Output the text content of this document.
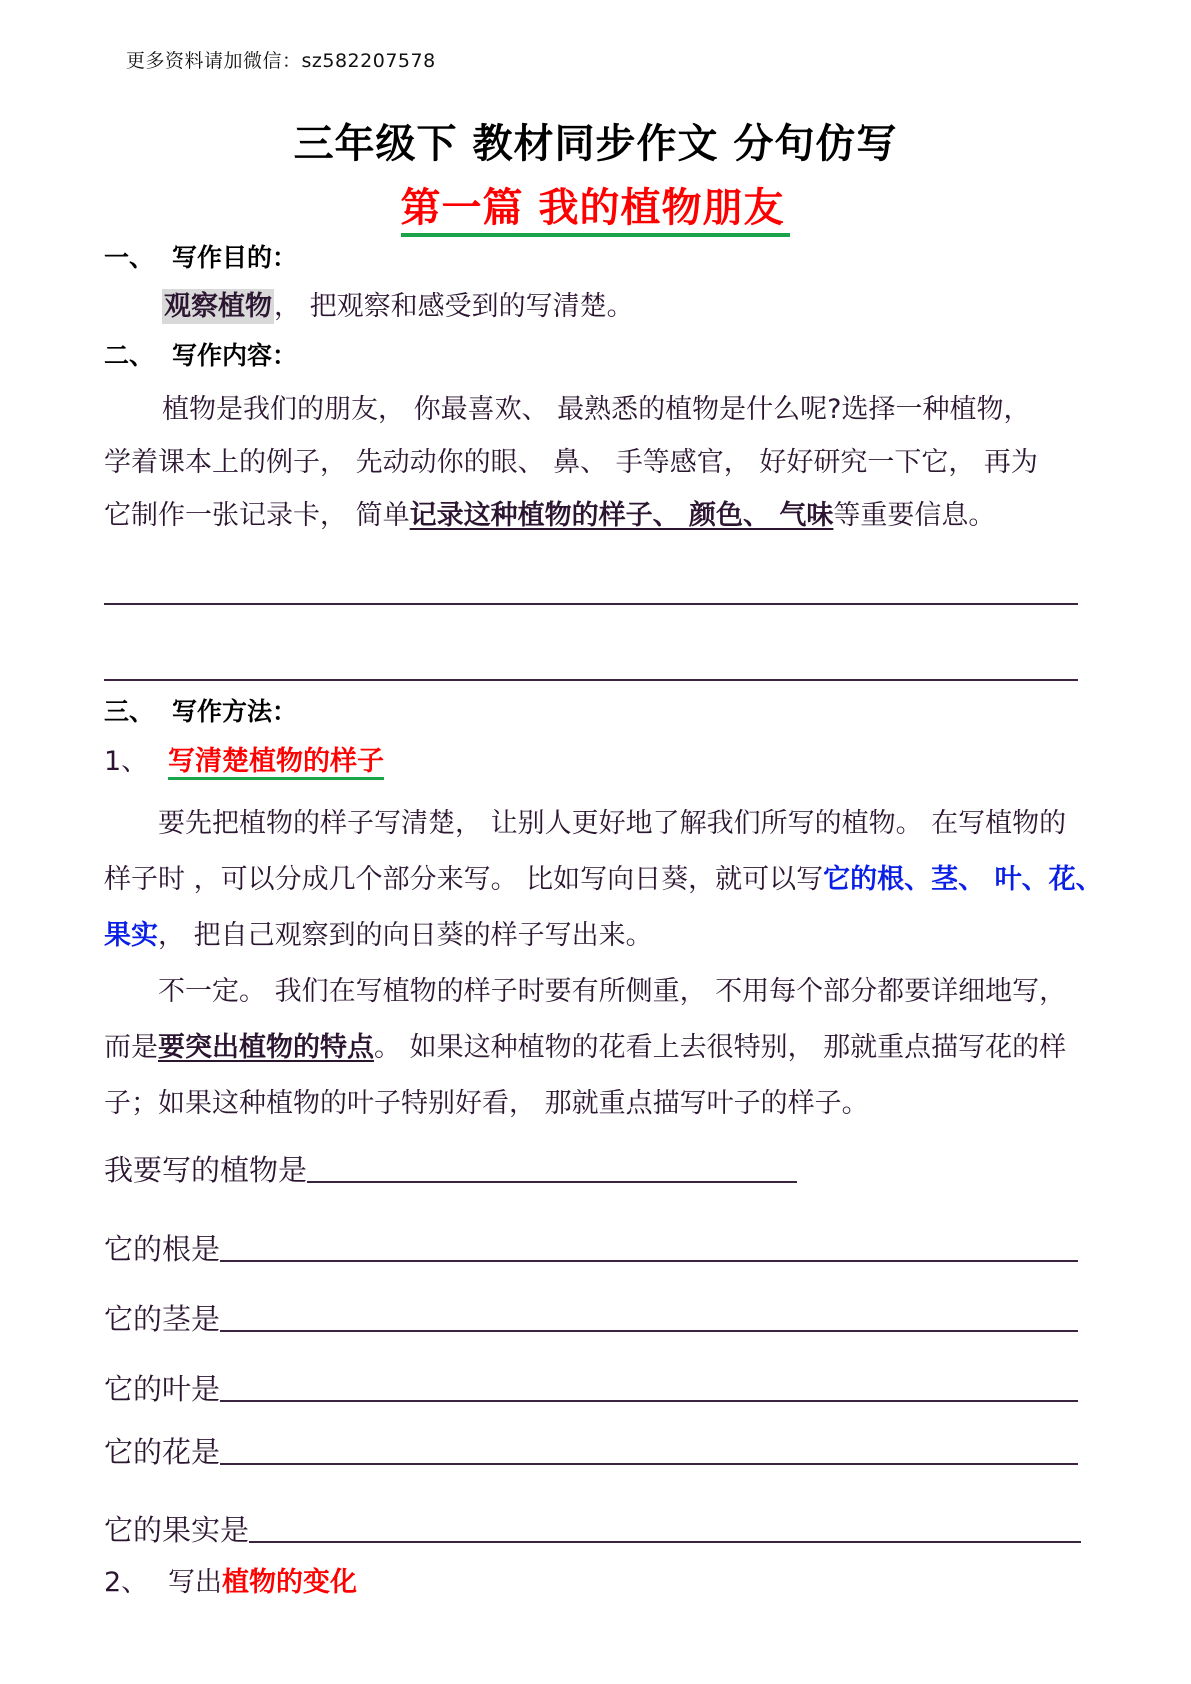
更多资料请加微信：sz582207578
三年级下 教材同步作文 分句仿写
第一篇 我的植物朋友
一、 写作目的：
观察植物， 把观察和感受到的写清楚。
二、 写作内容：
植物是我们的朋友， 你最喜欢、 最熟悉的植物是什么呢?选择一种植物，
学着课本上的例子， 先动动你的眼、 鼻、 手等感官， 好好研究一下它， 再为
它制作一张记录卡， 简单记录这种植物的样子、 颜色、 气味等重要信息。
三、 写作方法：
1、 写清楚植物的样子
要先把植物的样子写清楚， 让别人更好地了解我们所写的植物。 在写植物的
样子时 ，可以分成几个部分来写。 比如写向日葵，就可以写它的根、茎、 叶、花、
果实， 把自己观察到的向日葵的样子写出来。
不一定。 我们在写植物的样子时要有所侧重， 不用每个部分都要详细地写，
而是要突出植物的特点。 如果这种植物的花看上去很特别， 那就重点描写花的样
子；如果这种植物的叶子特别好看， 那就重点描写叶子的样子。
我要写的植物是
它的根是
它的茎是
它的叶是
它的花是
它的果实是
2、 写出植物的变化
